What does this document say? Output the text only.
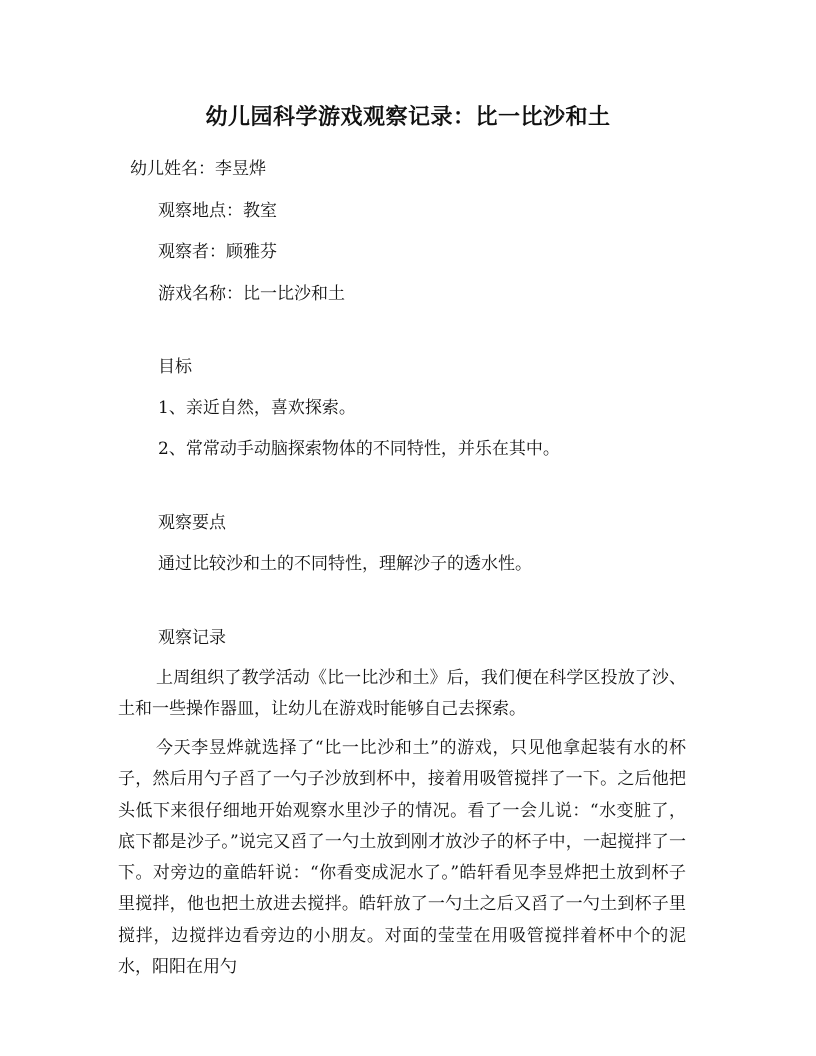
幼儿园科学游戏观察记录：比一比沙和土
幼儿姓名：李昱烨
观察地点：教室
观察者：顾雅芬
游戏名称：比一比沙和土
目标
1、亲近自然，喜欢探索。
2、常常动手动脑探索物体的不同特性，并乐在其中。
观察要点
通过比较沙和土的不同特性，理解沙子的透水性。
观察记录
上周组织了教学活动《比一比沙和土》后，我们便在科学区投放了沙、土和一些操作器皿，让幼儿在游戏时能够自己去探索。
今天李昱烨就选择了“比一比沙和土”的游戏，只见他拿起装有水的杯子，然后用勺子舀了一勺子沙放到杯中，接着用吸管搅拌了一下。之后他把头低下来很仔细地开始观察水里沙子的情况。看了一会儿说：“水变脏了，底下都是沙子。”说完又舀了一勺土放到刚才放沙子的杯子中，一起搅拌了一下。对旁边的童皓轩说：“你看变成泥水了。”皓轩看见李昱烨把土放到杯子里搅拌，他也把土放进去搅拌。皓轩放了一勺土之后又舀了一勺土到杯子里搅拌，边搅拌边看旁边的小朋友。对面的莹莹在用吸管搅拌着杯中个的泥水，阳阳在用勺
